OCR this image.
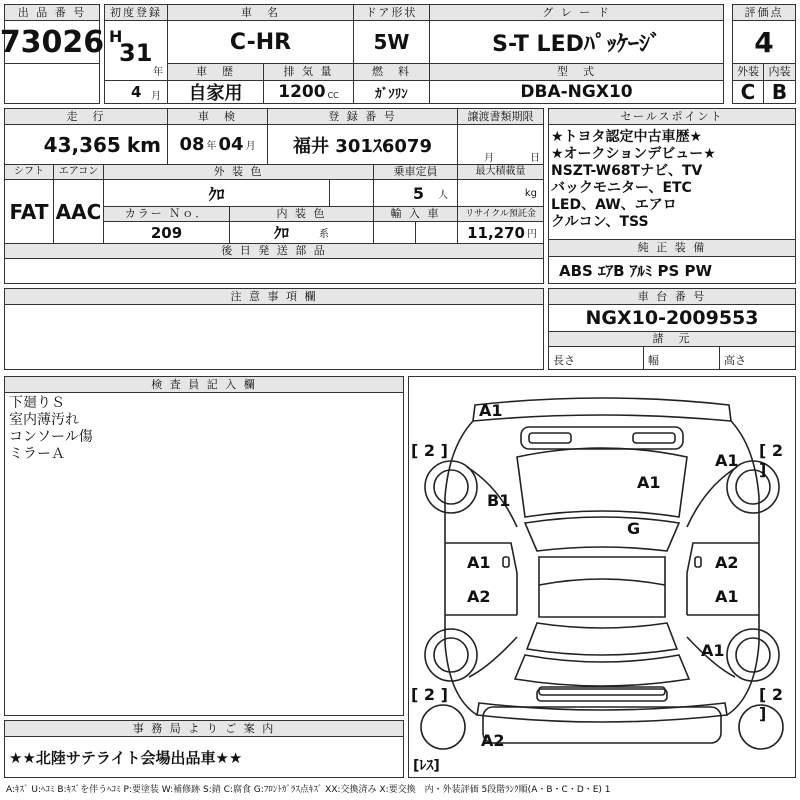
出 品 番 号
73026
初度登録
H
31
年
4 月
車　名
C-HR
ドア形状
5W
グ レ ー ド
S-T LEDﾊﾟｯｹｰｼﾞ
評価点
4
外装 内装
C B
車　歴
自家用
排 気 量
1200 CC
燃　料
ｶﾞｿﾘﾝ
型　式
DBA-NGX10
走　行
43,365 km
車　検
08 年 04 月
登 録 番 号
福井 301ｽ6079
譲渡書類期限
月	日
シフト	エアコン
FAT AAC
外 装 色
ｸﾛ
乗車定員
5 人
最大積載量
kg
カラー Ｎｏ．
209
内 装 色
ｸﾛ	系
輸 入 車	リサイクル預託金
11,270 円
後 日 発 送 部 品
セールスポイント
★トヨタ認定中古車歴★
★オークションデビュー★
NSZT-W68Tナビ、TV
バックモニター、ETC
LED、AW、エアロ
クルコン、TSS
純 正 装 備
ABS ｴｱB ｱﾙﾐ PS PW
注 意 事 項 欄	車 台 番 号
NGX10-2009553
諸　元
長さ	幅	高さ
検 査 員 記 入 欄
下廻りＳ
室内薄汚れ
コンソール傷
ミラーＡ
事 務 局 よ り ご 案 内
★★北陸サテライト会場出品車★★
A1
A1
A1
B1
G
A1	A2
A2	A1
A1
A2
[ 2 ]	[ 2 ]
[ 2 ]	[ 2 ]
[ﾚｽ]
A:ｷｽﾞ U:ﾍｺﾐ B:ｷｽﾞを伴うﾍｺﾐ P:要塗装 W:補修跡 S:錆 C:腐食 G:ﾌﾛﾝﾄｶﾞﾗｽ点ｷｽﾞ XX:交換済み X:要交換　内・外装評価 5段階ﾗﾝｸ順(A・B・C・D・E) 1
